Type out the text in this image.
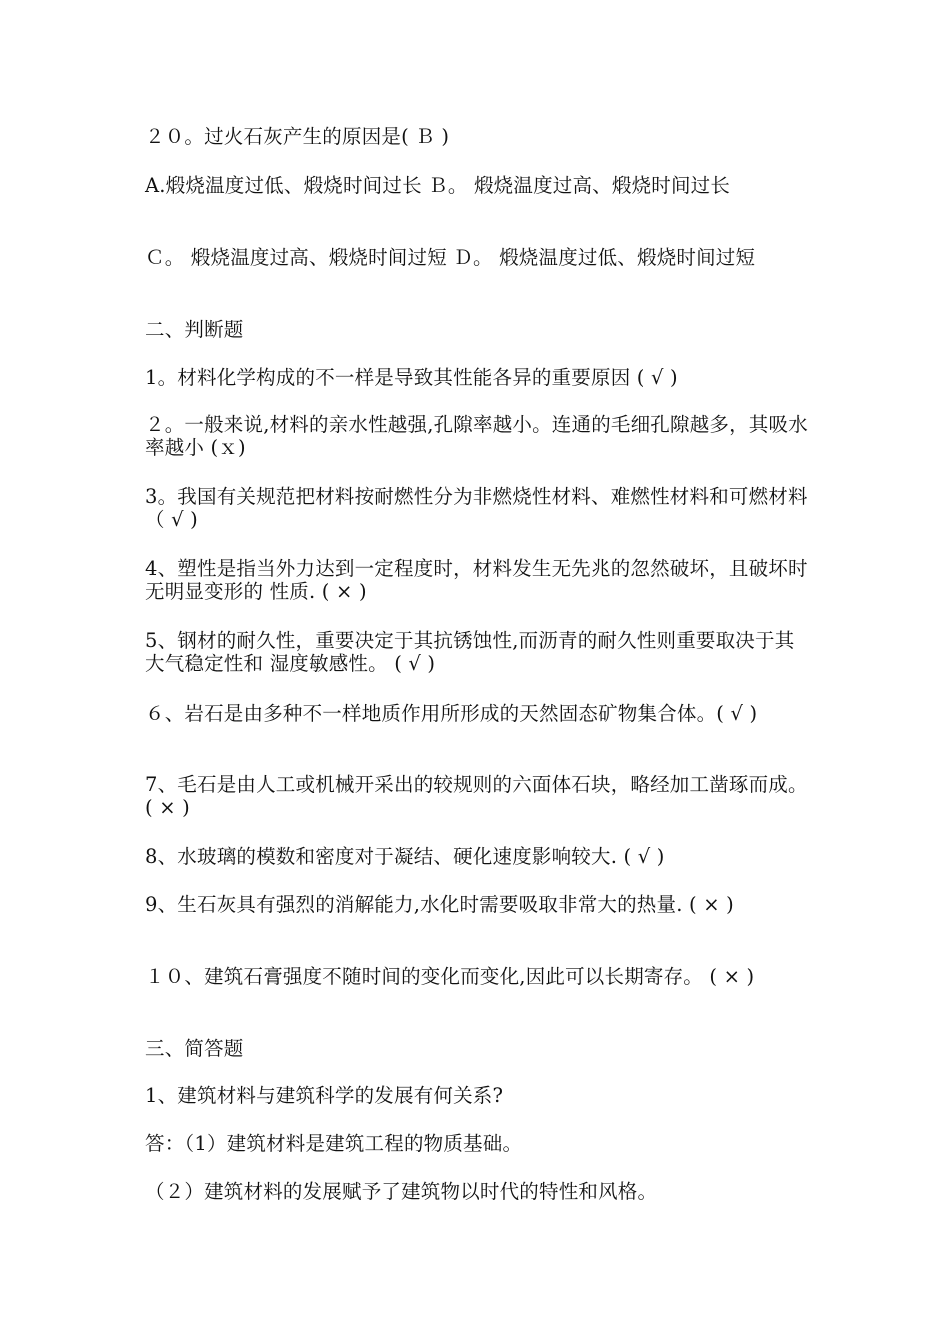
２０。过火石灰产生的原因是( Ｂ )
A.煅烧温度过低、煅烧时间过长 Ｂ。 煅烧温度过高、煅烧时间过长
Ｃ。 煅烧温度过高、煅烧时间过短 Ｄ。 煅烧温度过低、煅烧时间过短
二、判断题
1。材料化学构成的不一样是导致其性能各异的重要原因 ( √ )
２。一般来说,材料的亲水性越强,孔隙率越小。连通的毛细孔隙越多，其吸水率越小 (ｘ)
3。我国有关规范把材料按耐燃性分为非燃烧性材料、难燃性材料和可燃材料 （ √ )
4、塑性是指当外力达到一定程度时，材料发生无先兆的忽然破坏，且破坏时无明显变形的 性质. ( × )
5、钢材的耐久性，重要决定于其抗锈蚀性,而沥青的耐久性则重要取决于其大气稳定性和 湿度敏感性。 ( √ )
６、岩石是由多种不一样地质作用所形成的天然固态矿物集合体。( √ )
7、毛石是由人工或机械开采出的较规则的六面体石块，略经加工凿琢而成。 ( × )
8、水玻璃的模数和密度对于凝结、硬化速度影响较大. ( √ )
9、生石灰具有强烈的消解能力,水化时需要吸取非常大的热量. ( × )
１０、建筑石膏强度不随时间的变化而变化,因此可以长期寄存。 ( × )
三、简答题
1、建筑材料与建筑科学的发展有何关系?
答：（1）建筑材料是建筑工程的物质基础。
（２）建筑材料的发展赋予了建筑物以时代的特性和风格。
